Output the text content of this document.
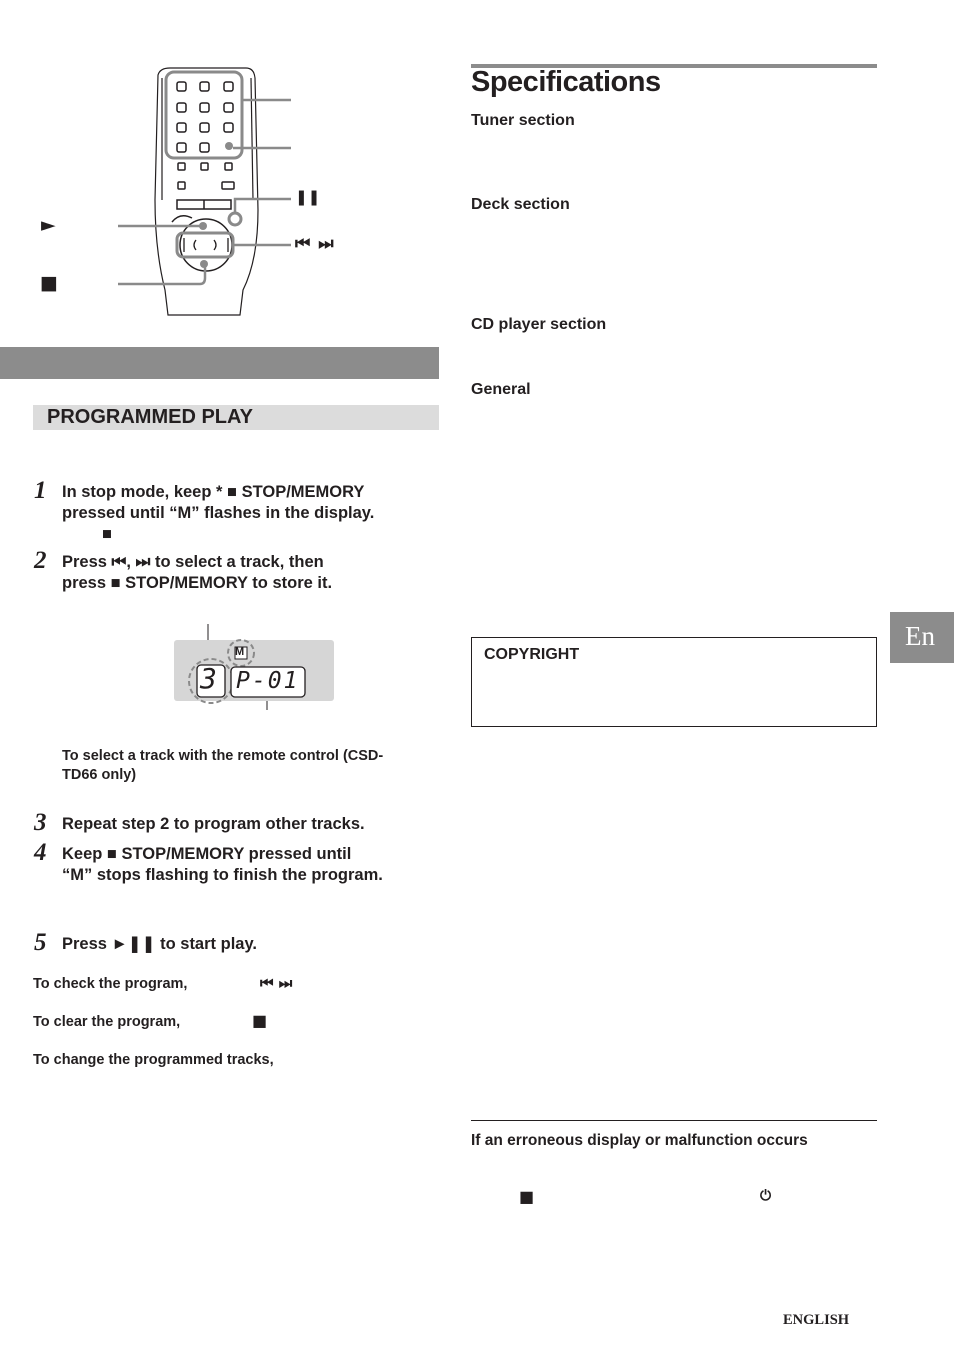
❚❚
⏮ ⏭
►
■
PROGRAMMED PLAY
1 In stop mode, keep * ■ STOP/MEMORY
pressed until “M” flashes in the display.
■
2 Press ⏮, ⏭ to select a track, then
press ■ STOP/MEMORY to store it.
M
3 P-01
To select a track with the remote control (CSD-
TD66 only)
3 Repeat step 2 to program other tracks.
4 Keep ■ STOP/MEMORY pressed until
“M” stops flashing to finish the program.
5 Press ►❚❚ to start play.
To check the program,	⏮ ⏭
To clear the program,	■
To change the programmed tracks,
Specifications
Tuner section
Deck section
CD player section
General
COPYRIGHT
If an erroneous display or malfunction occurs
■	⏻
En
ENGLISH
